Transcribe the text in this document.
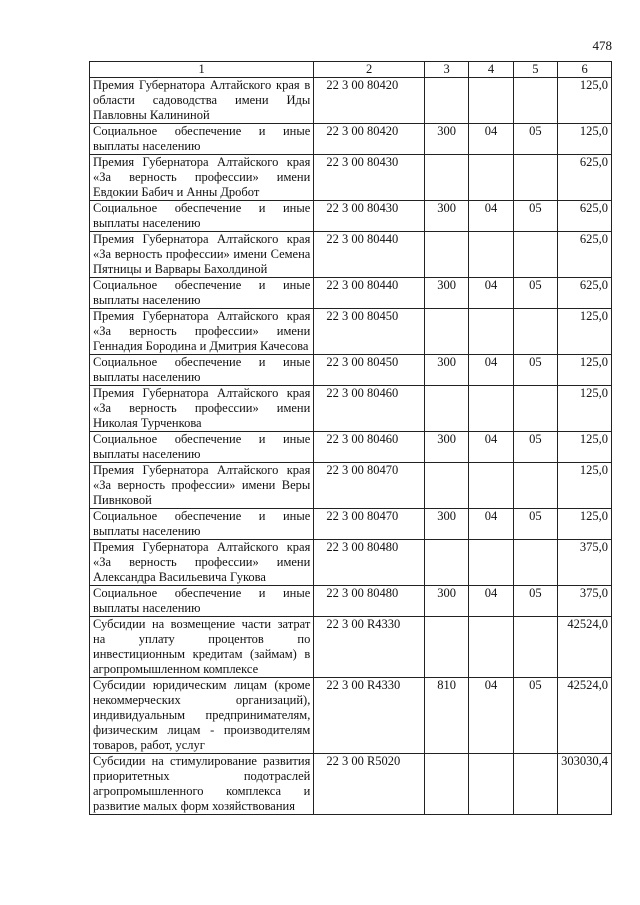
478
1	2	3	4	5	6
Премия Губернатора Алтайского края в области садоводства имени Иды Павловны Калининой	22 3 00 80420				125,0
Социальное обеспечение и иные выплаты населению	22 3 00 80420	300	04	05	125,0
Премия Губернатора Алтайского края «За верность профессии» имени Евдокии Бабич и Анны Дробот	22 3 00 80430				625,0
Социальное обеспечение и иные выплаты населению	22 3 00 80430	300	04	05	625,0
Премия Губернатора Алтайского края «За верность профессии» имени Семена Пятницы и Варвары Бахолдиной	22 3 00 80440				625,0
Социальное обеспечение и иные выплаты населению	22 3 00 80440	300	04	05	625,0
Премия Губернатора Алтайского края «За верность профессии» имени Геннадия Бородина и Дмитрия Качесова	22 3 00 80450				125,0
Социальное обеспечение и иные выплаты населению	22 3 00 80450	300	04	05	125,0
Премия Губернатора Алтайского края «За верность профессии» имени Николая Турченкова	22 3 00 80460				125,0
Социальное обеспечение и иные выплаты населению	22 3 00 80460	300	04	05	125,0
Премия Губернатора Алтайского края «За верность профессии» имени Веры Пивнковой	22 3 00 80470				125,0
Социальное обеспечение и иные выплаты населению	22 3 00 80470	300	04	05	125,0
Премия Губернатора Алтайского края «За верность профессии» имени Александра Васильевича Гукова	22 3 00 80480				375,0
Социальное обеспечение и иные выплаты населению	22 3 00 80480	300	04	05	375,0
Субсидии на возмещение части затрат на уплату процентов по инвестиционным кредитам (займам) в агропромышленном комплексе	22 3 00 R4330				42524,0
Субсидии юридическим лицам (кроме некоммерческих организаций), индивидуальным предпринимателям, физическим лицам - производителям товаров, работ, услуг	22 3 00 R4330	810	04	05	42524,0
Субсидии на стимулирование развития приоритетных подотраслей агропромышленного комплекса и развитие малых форм хозяйствования	22 3 00 R5020				303030,4
